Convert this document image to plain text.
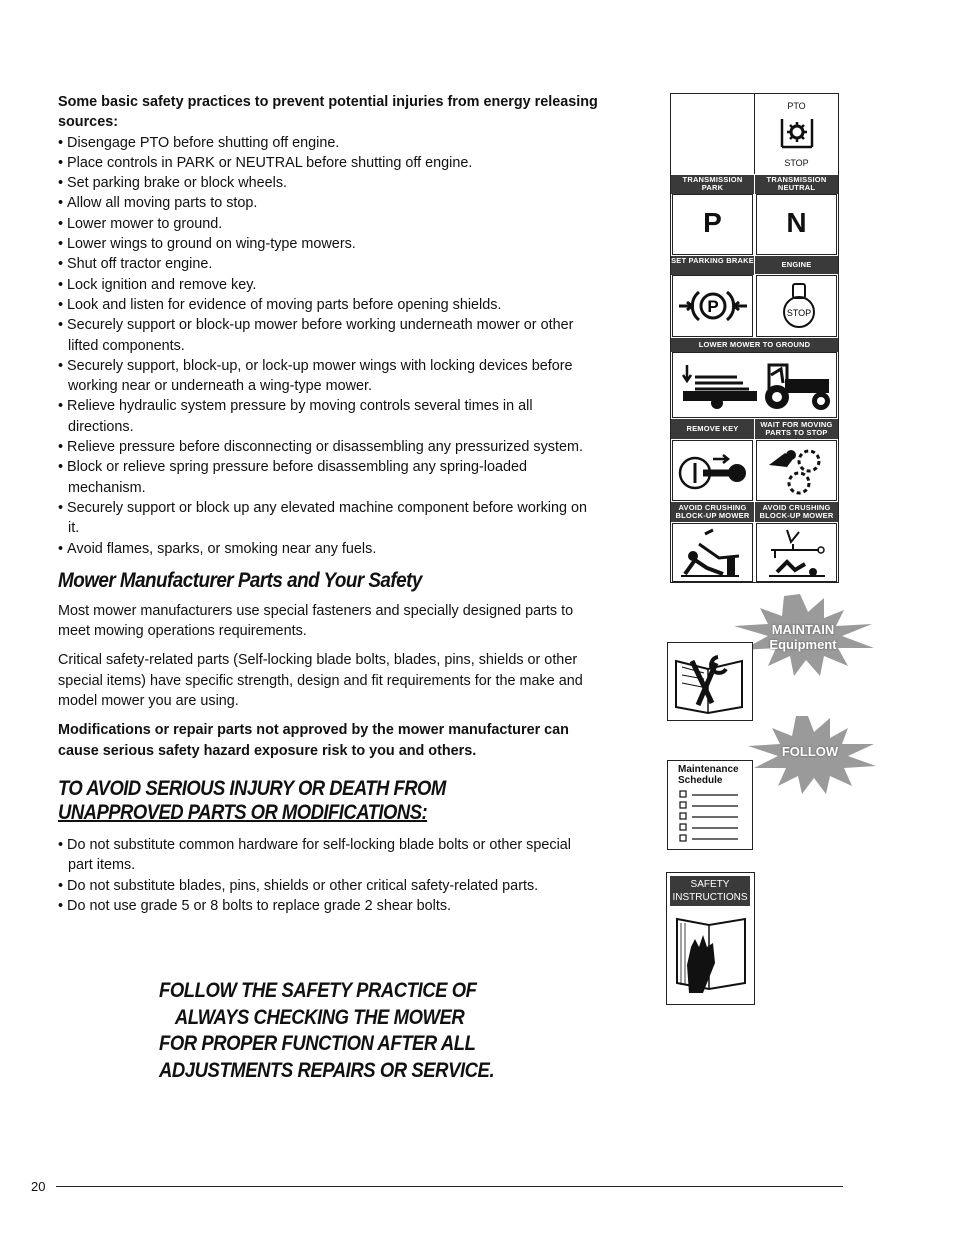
Some basic safety practices to prevent potential injuries from energy releasing sources:

• Disengage PTO before shutting off engine.
• Place controls in PARK or NEUTRAL before shutting off engine.
• Set parking brake or block wheels.
• Allow all moving parts to stop.
• Lower mower to ground.
• Lower wings to ground on wing-type mowers.
• Shut off tractor engine.
• Lock ignition and remove key.
• Look and listen for evidence of moving parts before opening shields.
• Securely support or block-up mower before working underneath mower or other lifted components.
• Securely support, block-up, or lock-up mower wings with locking devices before working near or underneath a wing-type mower.
• Relieve hydraulic system pressure by moving controls several times in all directions.
• Relieve pressure before disconnecting or disassembling any pressurized system.
• Block or relieve spring pressure before disassembling any spring-loaded mechanism.
• Securely support or block up any elevated machine component before working on it.
• Avoid flames, sparks, or smoking near any fuels.
Mower Manufacturer Parts and Your Safety

Most mower manufacturers use special fasteners and specially designed parts to meet mowing operations requirements.

Critical safety-related parts (Self-locking blade bolts, blades, pins, shields or other special items) have specific strength, design and fit requirements for the make and model mower you are using.

Modifications or repair parts not approved by the mower manufacturer can cause serious safety hazard exposure risk to you and others.

TO AVOID SERIOUS INJURY OR DEATH FROM
UNAPPROVED PARTS OR MODIFICATIONS:
• Do not substitute common hardware for self-locking blade bolts or other special part items.
• Do not substitute blades, pins, shields or other critical safety-related parts.
• Do not use grade 5 or 8 bolts to replace grade 2 shear bolts.
FOLLOW THE SAFETY PRACTICE OF
ALWAYS CHECKING THE MOWER
FOR PROPER FUNCTION AFTER ALL
ADJUSTMENTS REPAIRS OR SERVICE.
PTO
STOP
TRANSMISSION PARK
TRANSMISSION NEUTRAL
P	N
SET PARKING BRAKE	ENGINE
P	STOP
LOWER MOWER TO GROUND
REMOVE KEY	WAIT FOR MOVING PARTS TO STOP
AVOID CRUSHING BLOCK-UP MOWER
AVOID CRUSHING BLOCK-UP MOWER
MAINTAIN Equipment
FOLLOW
Maintenance Schedule
SAFETY INSTRUCTIONS
20
